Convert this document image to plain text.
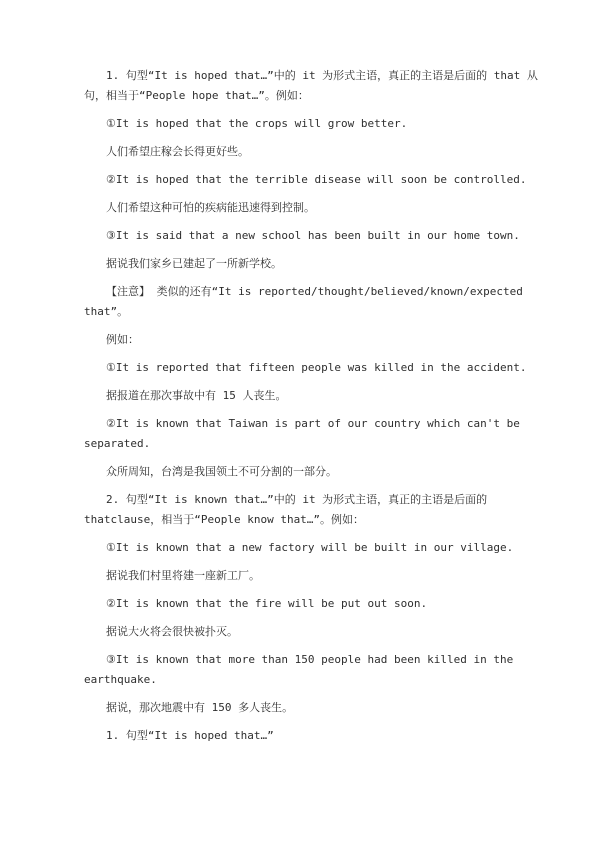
1. 句型“It is hoped that…”中的 it 为形式主语，真正的主语是后面的 that 从句，相当于“People hope that…”。例如：

①It is hoped that the crops will grow better.

人们希望庄稼会长得更好些。

②It is hoped that the terrible disease will soon be controlled.

人们希望这种可怕的疾病能迅速得到控制。

③It is said that a new school has been built in our home town.

据说我们家乡已建起了一所新学校。

【注意】 类似的还有“It is reported/thought/believed/known/expected that”。

例如：

①It is reported that fifteen people was killed in the accident.

据报道在那次事故中有 15 人丧生。

②It is known that Taiwan is part of our country which can't be separated.

众所周知，台湾是我国领土不可分割的一部分。

2. 句型“It is known that…”中的 it 为形式主语，真正的主语是后面的 thatclause，相当于“People know that…”。例如：

①It is known that a new factory will be built in our village.

据说我们村里将建一座新工厂。

②It is known that the fire will be put out soon.

据说大火将会很快被扑灭。

③It is known that more than 150 people had been killed in the earthquake.

据说，那次地震中有 150 多人丧生。

1. 句型“It is hoped that…”
